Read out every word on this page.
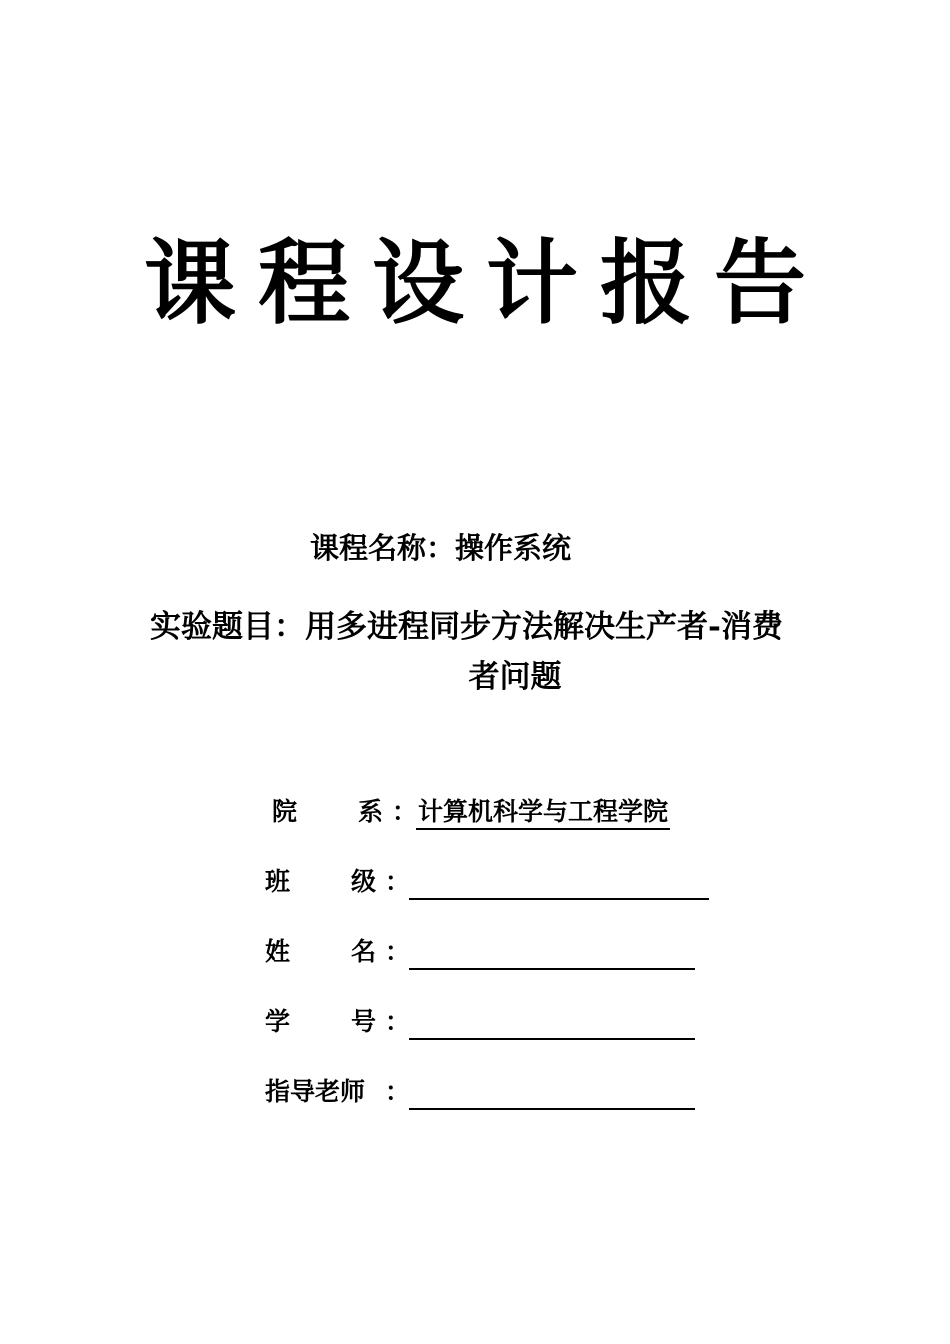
课程设计报告
课程名称：操作系统
实验题目：用多进程同步方法解决生产者-消费
者问题
院 系 ：计算机科学与工程学院
班 级 ：
姓 名 ：
学 号 ：
指导老师 ：
